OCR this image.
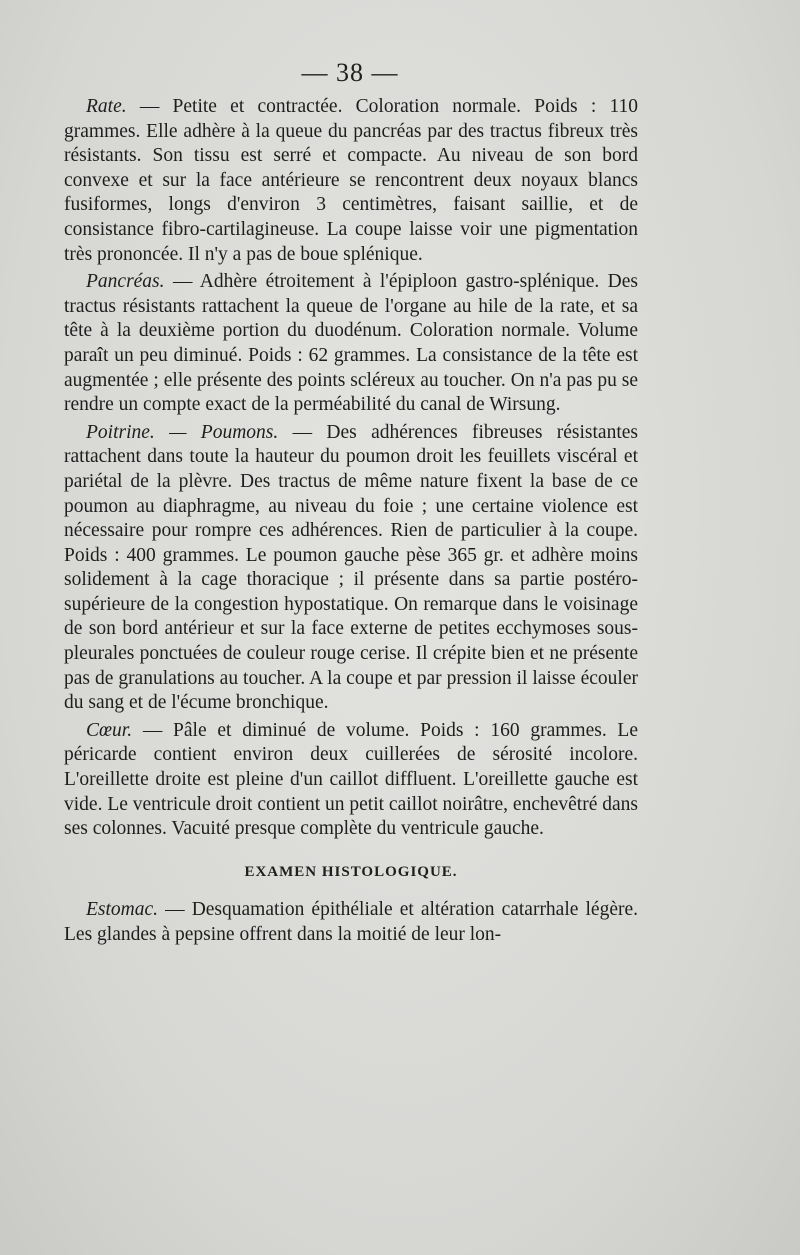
— 38 —

Rate. — Petite et contractée. Coloration normale. Poids : 110 grammes. Elle adhère à la queue du pancréas par des tractus fibreux très résistants. Son tissu est serré et compacte. Au niveau de son bord convexe et sur la face antérieure se rencontrent deux noyaux blancs fusiformes, longs d'environ 3 centimètres, faisant saillie, et de consistance fibro-cartilagineuse. La coupe laisse voir une pigmentation très prononcée. Il n'y a pas de boue splénique.

Pancréas. — Adhère étroitement à l'épiploon gastro-splénique. Des tractus résistants rattachent la queue de l'organe au hile de la rate, et sa tête à la deuxième portion du duodénum. Coloration normale. Volume paraît un peu diminué. Poids : 62 grammes. La consistance de la tête est augmentée ; elle présente des points scléreux au toucher. On n'a pas pu se rendre un compte exact de la perméabilité du canal de Wirsung.

Poitrine. — Poumons. — Des adhérences fibreuses résistantes rattachent dans toute la hauteur du poumon droit les feuillets viscéral et pariétal de la plèvre. Des tractus de même nature fixent la base de ce poumon au diaphragme, au niveau du foie ; une certaine violence est nécessaire pour rompre ces adhérences. Rien de particulier à la coupe. Poids : 400 grammes. Le poumon gauche pèse 365 gr. et adhère moins solidement à la cage thoracique ; il présente dans sa partie postéro-supérieure de la congestion hypostatique. On remarque dans le voisinage de son bord antérieur et sur la face externe de petites ecchymoses sous-pleurales ponctuées de couleur rouge cerise. Il crépite bien et ne présente pas de granulations au toucher. A la coupe et par pression il laisse écouler du sang et de l'écume bronchique.

Cœur. — Pâle et diminué de volume. Poids : 160 grammes. Le péricarde contient environ deux cuillerées de sérosité incolore. L'oreillette droite est pleine d'un caillot diffluent. L'oreillette gauche est vide. Le ventricule droit contient un petit caillot noirâtre, enchevêtré dans ses colonnes. Vacuité presque complète du ventricule gauche.

EXAMEN HISTOLOGIQUE.

Estomac. — Desquamation épithéliale et altération catarrhale légère. Les glandes à pepsine offrent dans la moitié de leur lon-
